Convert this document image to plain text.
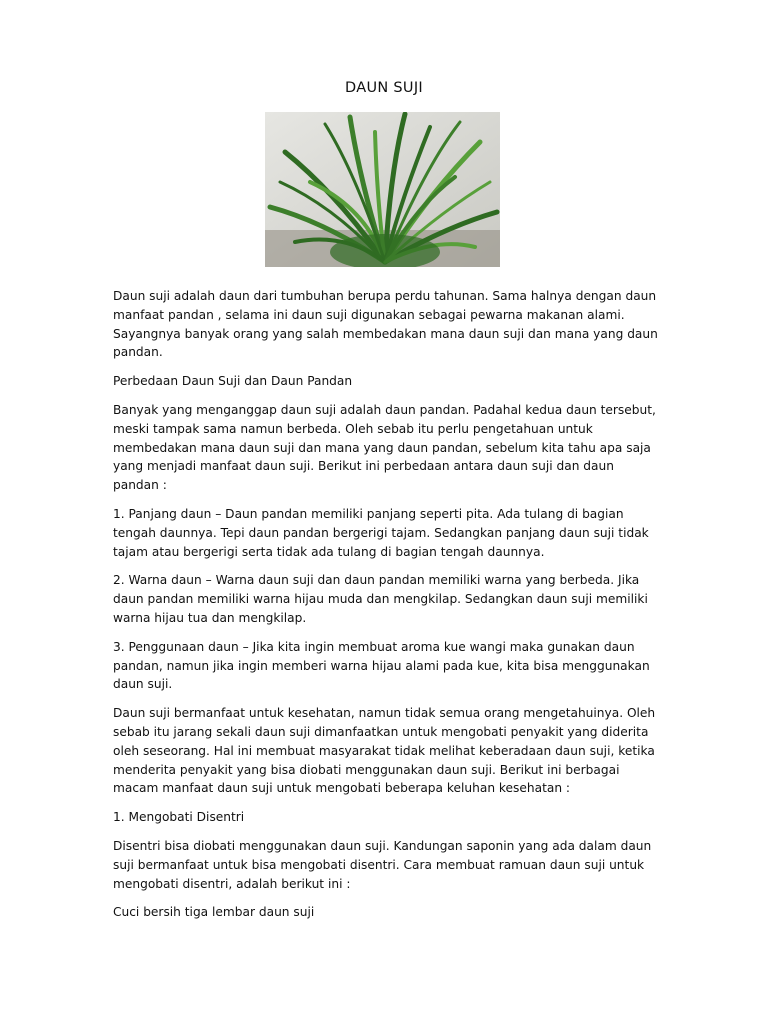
DAUN SUJI

Daun suji adalah daun dari tumbuhan berupa perdu tahunan. Sama halnya dengan daun manfaat pandan , selama ini daun suji digunakan sebagai pewarna makanan alami. Sayangnya banyak orang yang salah membedakan mana daun suji dan mana yang daun pandan.

Perbedaan Daun Suji dan Daun Pandan

Banyak yang menganggap daun suji adalah daun pandan. Padahal kedua daun tersebut, meski tampak sama namun berbeda. Oleh sebab itu perlu pengetahuan untuk membedakan mana daun suji dan mana yang daun pandan, sebelum kita tahu apa saja yang menjadi manfaat daun suji. Berikut ini perbedaan antara daun suji dan daun pandan :

1. Panjang daun – Daun pandan memiliki panjang seperti pita. Ada tulang di bagian tengah daunnya. Tepi daun pandan bergerigi tajam. Sedangkan panjang daun suji tidak tajam atau bergerigi serta tidak ada tulang di bagian tengah daunnya.

2. Warna daun – Warna daun suji dan daun pandan memiliki warna yang berbeda. Jika daun pandan memiliki warna hijau muda dan mengkilap. Sedangkan daun suji memiliki warna hijau tua dan mengkilap.

3. Penggunaan daun – Jika kita ingin membuat aroma kue wangi maka gunakan daun pandan, namun jika ingin memberi warna hijau alami pada kue, kita bisa menggunakan daun suji.

Daun suji bermanfaat untuk kesehatan, namun tidak semua orang mengetahuinya. Oleh sebab itu jarang sekali daun suji dimanfaatkan untuk mengobati penyakit yang diderita oleh seseorang. Hal ini membuat masyarakat tidak melihat keberadaan daun suji, ketika menderita penyakit yang bisa diobati menggunakan daun suji. Berikut ini berbagai macam manfaat daun suji untuk mengobati beberapa keluhan kesehatan :

1. Mengobati Disentri

Disentri bisa diobati menggunakan daun suji. Kandungan saponin yang ada dalam daun suji bermanfaat untuk bisa mengobati disentri. Cara membuat ramuan daun suji untuk mengobati disentri, adalah berikut ini :

Cuci bersih tiga lembar daun suji
